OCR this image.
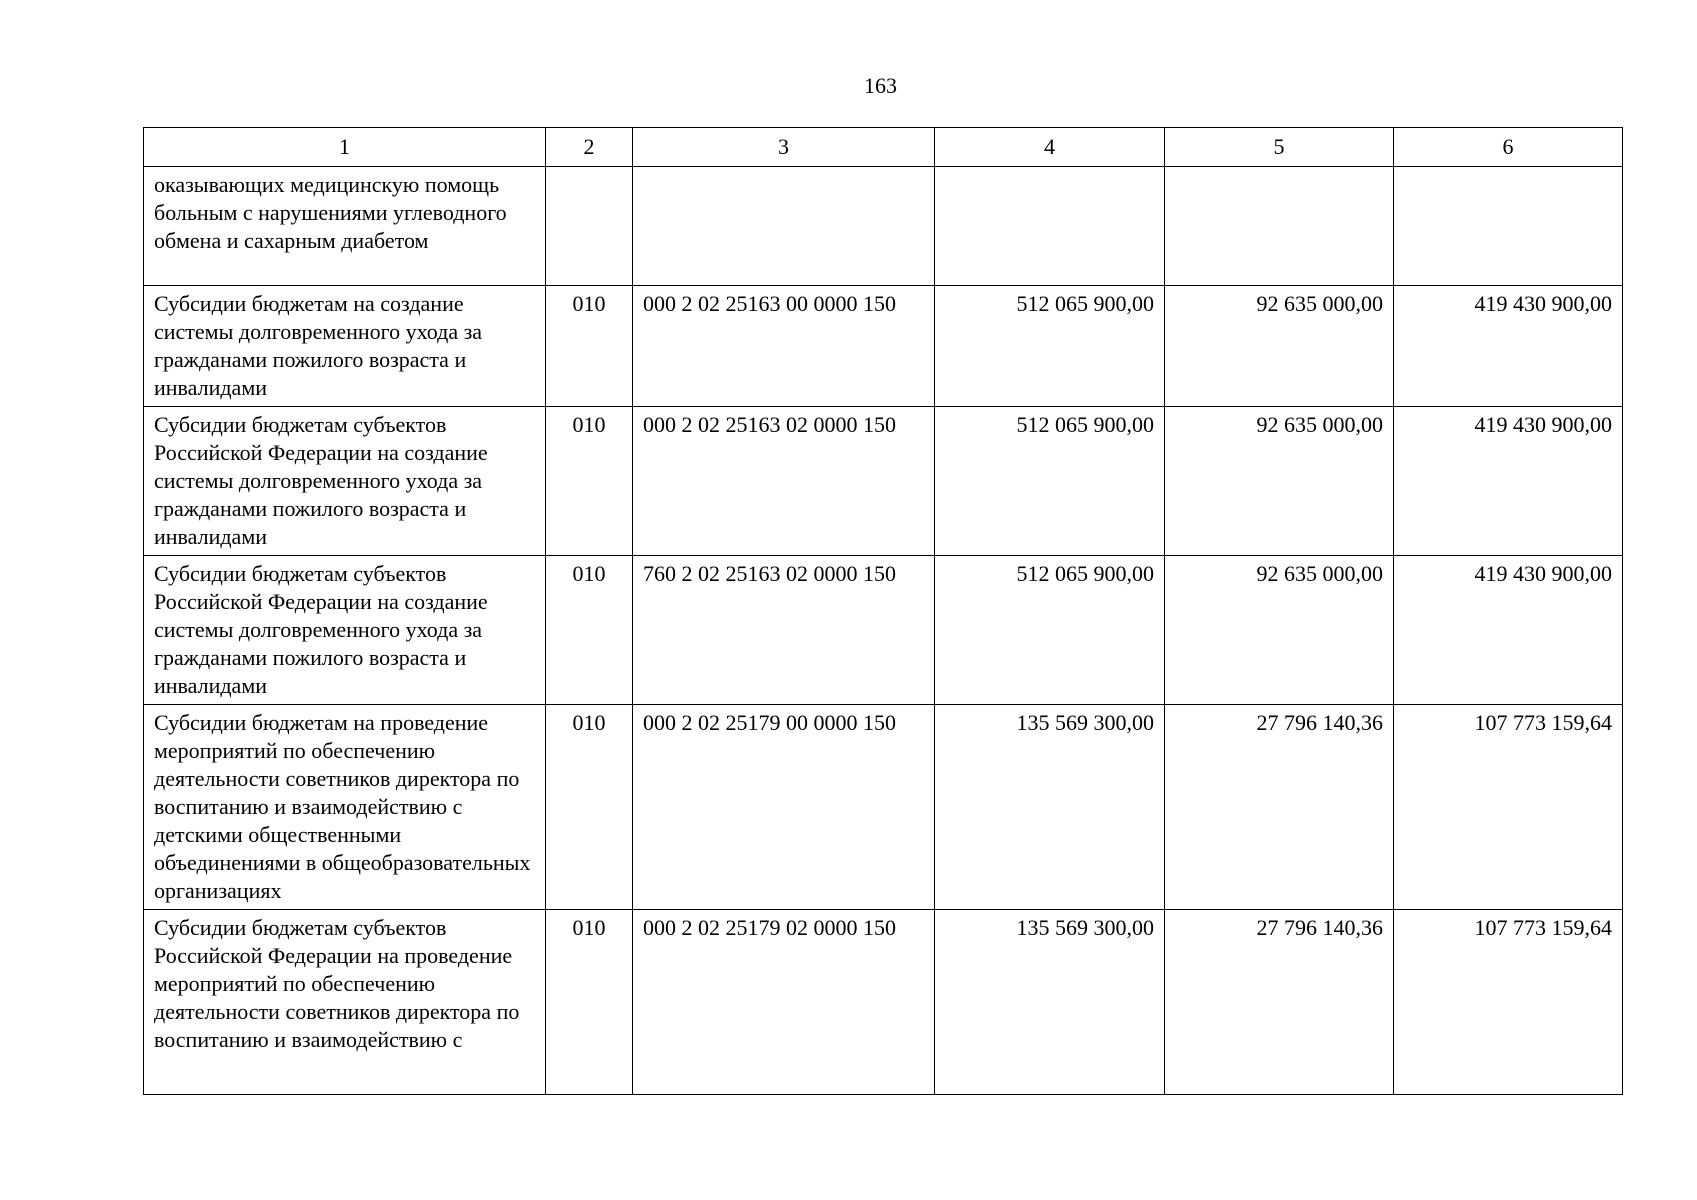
163
1	2	3	4	5	6
оказывающих медицинскую помощь больным с нарушениями углеводного обмена и сахарным диабетом					
Субсидии бюджетам на создание системы долговременного ухода за гражданами пожилого возраста и инвалидами	010	000 2 02 25163 00 0000 150	512 065 900,00	92 635 000,00	419 430 900,00
Субсидии бюджетам субъектов Российской Федерации на создание системы долговременного ухода за гражданами пожилого возраста и инвалидами	010	000 2 02 25163 02 0000 150	512 065 900,00	92 635 000,00	419 430 900,00
Субсидии бюджетам субъектов Российской Федерации на создание системы долговременного ухода за гражданами пожилого возраста и инвалидами	010	760 2 02 25163 02 0000 150	512 065 900,00	92 635 000,00	419 430 900,00
Субсидии бюджетам на проведение мероприятий по обеспечению деятельности советников директора по воспитанию и взаимодействию с детскими общественными объединениями в общеобразовательных организациях	010	000 2 02 25179 00 0000 150	135 569 300,00	27 796 140,36	107 773 159,64
Субсидии бюджетам субъектов Российской Федерации на проведение мероприятий по обеспечению деятельности советников директора по воспитанию и взаимодействию с	010	000 2 02 25179 02 0000 150	135 569 300,00	27 796 140,36	107 773 159,64
